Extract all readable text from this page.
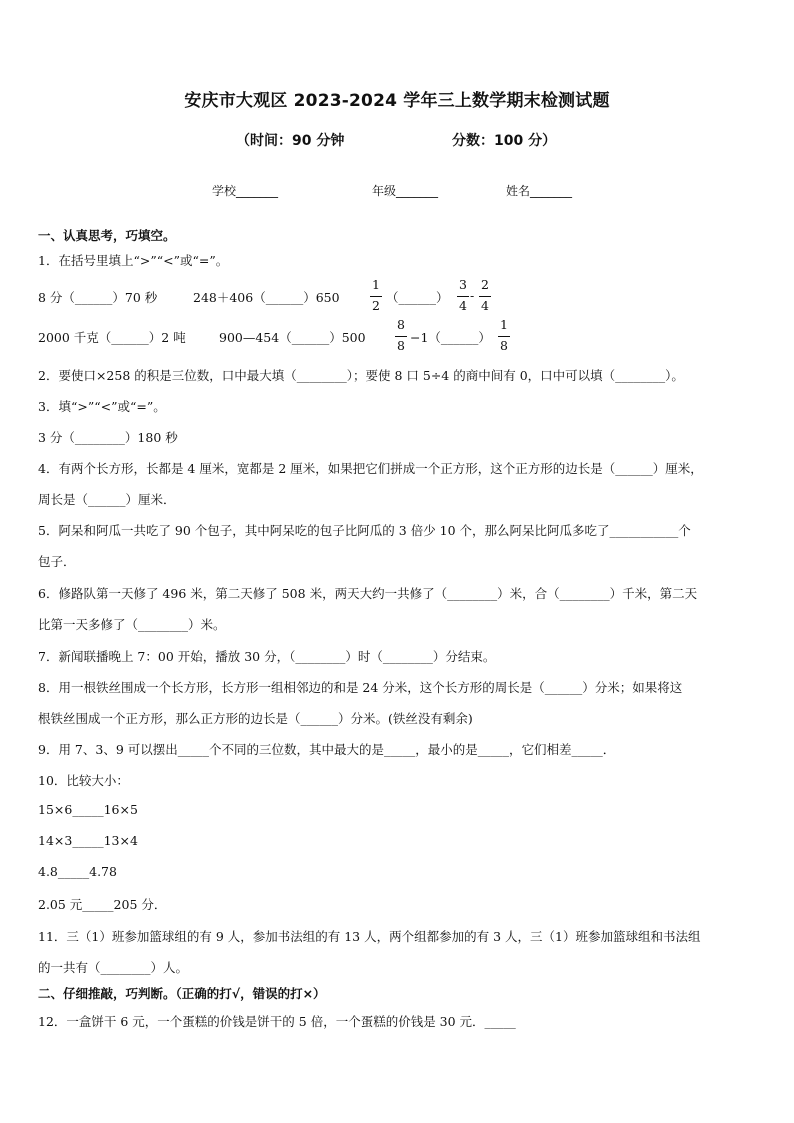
安庆市大观区 2023-2024 学年三上数学期末检测试题
（时间：90 分钟	分数：100 分）
学校_______	年级_______	姓名_______
一、认真思考，巧填空。
1．在括号里填上“>”“<”或“=”。
8 分（______）70 秒	248＋406（______）650
1
2
（______）
3
4
-
2
4
2000 千克（______）2 吨	900—454（______）500
8
8
−1（______）
1
8
2．要使口×258 的积是三位数，口中最大填（________）；要使 8 口 5÷4 的商中间有 0，口中可以填（________）。
3．填“>”“<”或“=”。
3 分（________）180 秒
4．有两个长方形，长都是 4 厘米，宽都是 2 厘米，如果把它们拼成一个正方形，这个正方形的边长是（______）厘米，
周长是（______）厘米．
5．阿呆和阿瓜一共吃了 90 个包子，其中阿呆吃的包子比阿瓜的 3 倍少 10 个，那么阿呆比阿瓜多吃了___________个
包子．
6．修路队第一天修了 496 米，第二天修了 508 米，两天大约一共修了（________）米，合（________）千米，第二天
比第一天多修了（________）米。
7．新闻联播晚上 7：00 开始，播放 30 分，（________）时（________）分结束。
8．用一根铁丝围成一个长方形，长方形一组相邻边的和是 24 分米，这个长方形的周长是（______）分米；如果将这
根铁丝围成一个正方形，那么正方形的边长是（______）分米。(铁丝没有剩余)
9．用 7、3、9 可以摆出_____个不同的三位数，其中最大的是_____，最小的是_____，它们相差_____．
10．比较大小：
15×6_____16×5
14×3_____13×4
4.8_____4.78
2.05 元_____205 分．
11．三（1）班参加篮球组的有 9 人，参加书法组的有 13 人，两个组都参加的有 3 人，三（1）班参加篮球组和书法组
的一共有（________）人。
二、仔细推敲，巧判断。（正确的打√，错误的打×）
12．一盒饼干 6 元，一个蛋糕的价钱是饼干的 5 倍，一个蛋糕的价钱是 30 元．_____
